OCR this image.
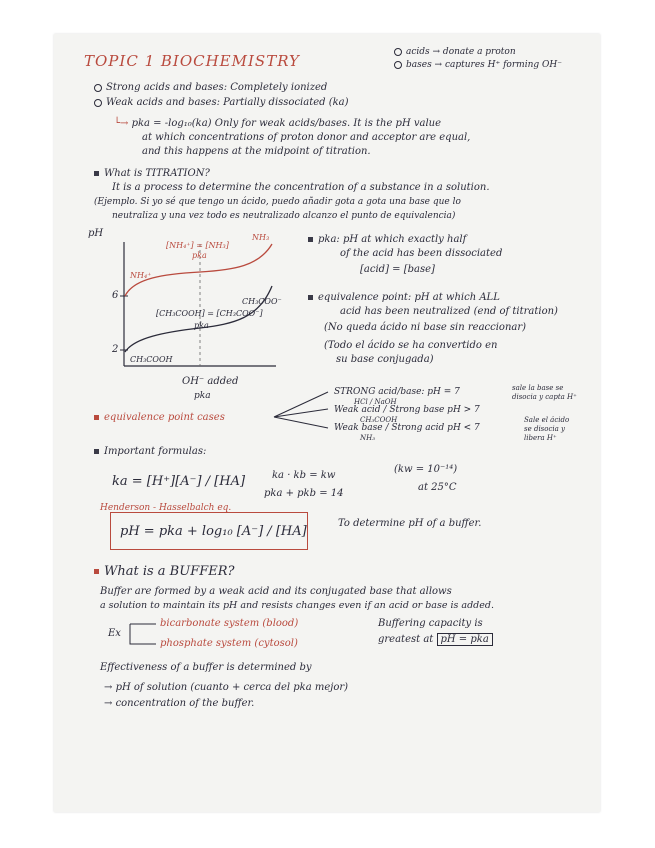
TOPIC 1 BIOCHEMISTRY	acids → donate a proton
bases → captures H⁺ forming OH⁻
Strong acids and bases: Completely ionized
Weak acids and bases: Partially dissociated (ka)
└→ pka = -log₁₀(ka) Only for weak acids/bases. It is the pH value
at which concentrations of proton donor and acceptor are equal,
and this happens at the midpoint of titration.
What is TITRATION?
It is a process to determine the concentration of a substance in a solution.
(Ejemplo. Si yo sé que tengo un ácido, puedo añadir gota a gota una base que lo
neutraliza y una vez todo es neutralizado alcanzo el punto de equivalencia)
pH
6
2
[NH₄⁺] = [NH₃]
pka
NH₃
NH₄⁺
[CH₃COOH] = [CH₃COO⁻]
pka
CH₃COO⁻
CH₃COOH
OH⁻ added
pka
pka: pH at which exactly half
of the acid has been dissociated
[acid] = [base]
equivalence point: pH at which ALL
acid has been neutralized (end of titration)
(No queda ácido ni base sin reaccionar)
(Todo el ácido se ha convertido en
su base conjugada)
equivalence point cases
STRONG acid/base: pH = 7
HCl / NaOH
Weak acid / Strong base pH > 7
CH₃COOH
Weak base / Strong acid pH < 7
NH₃
sale la base se
disocia y capta H⁺
Sale el ácido
se disocia y
libera H⁺
Important formulas:
ka = [H⁺][A⁻] / [HA]	ka · kb = kw
pka + pkb = 14
(kw = 10⁻¹⁴)
at 25°C
Henderson - Hasselbalch eq.
pH = pka + log₁₀ [A⁻] / [HA]
To determine pH of a buffer.
What is a BUFFER?
Buffer are formed by a weak acid and its conjugated base that allows
a solution to maintain its pH and resists changes even if an acid or base is added.
Ex
bicarbonate system (blood)
phosphate system (cytosol)
Buffering capacity is
greatest at pH = pka
Effectiveness of a buffer is determined by
→ pH of solution (cuanto + cerca del pka mejor)
→ concentration of the buffer.
